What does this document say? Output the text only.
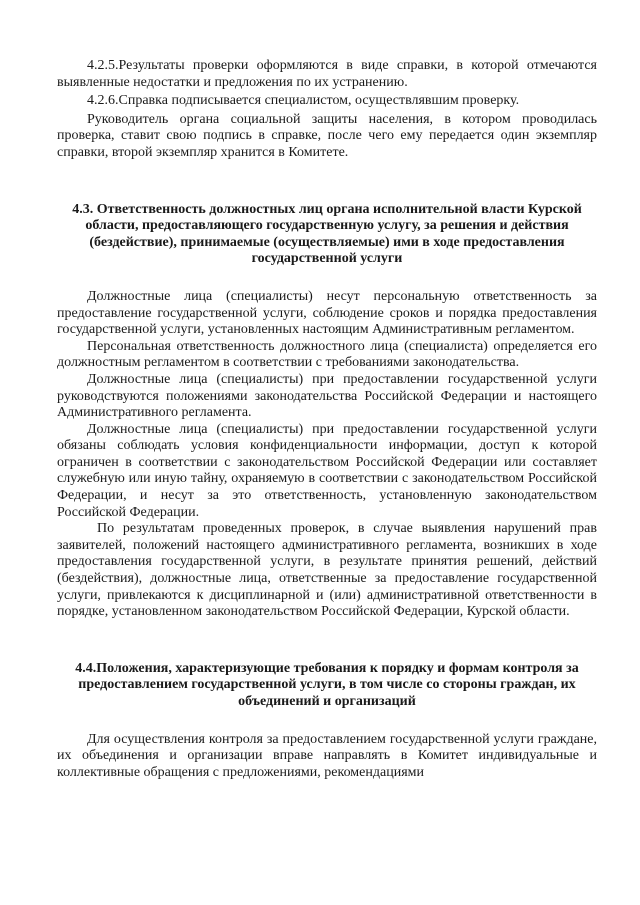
4.2.5.Результаты проверки оформляются в виде справки, в которой отмечаются выявленные недостатки и предложения по их устранению.

4.2.6.Справка подписывается специалистом, осуществлявшим проверку.

Руководитель органа социальной защиты населения, в котором проводилась проверка, ставит свою подпись в справке, после чего ему передается один экземпляр справки, второй экземпляр хранится в Комитете.

4.3. Ответственность должностных лиц органа исполнительной власти Курской области, предоставляющего государственную услугу, за решения и действия (бездействие), принимаемые (осуществляемые) ими в ходе предоставления государственной услуги

Должностные лица (специалисты) несут персональную ответственность за предоставление государственной услуги, соблюдение сроков и порядка предоставления государственной услуги, установленных настоящим Административным регламентом.

Персональная ответственность должностного лица (специалиста) определяется его должностным регламентом в соответствии с требованиями законодательства.

Должностные лица (специалисты) при предоставлении государственной услуги руководствуются положениями законодательства Российской Федерации и настоящего Административного регламента.

Должностные лица (специалисты) при предоставлении государственной услуги обязаны соблюдать условия конфиденциальности информации, доступ к которой ограничен в соответствии с законодательством Российской Федерации или составляет служебную или иную тайну, охраняемую в соответствии с законодательством Российской Федерации, и несут за это ответственность, установленную законодательством Российской Федерации.

По результатам проведенных проверок, в случае выявления нарушений прав заявителей, положений настоящего административного регламента, возникших в ходе предоставления государственной услуги, в результате принятия решений, действий (бездействия), должностные лица, ответственные за предоставление государственной услуги, привлекаются к дисциплинарной и (или) административной ответственности в порядке, установленном законодательством Российской Федерации, Курской области.

4.4.Положения, характеризующие требования к порядку и формам контроля за предоставлением государственной услуги, в том числе со стороны граждан, их объединений и организаций

Для осуществления контроля за предоставлением государственной услуги граждане, их объединения и организации вправе направлять в Комитет индивидуальные и коллективные обращения с предложениями, рекомендациями
